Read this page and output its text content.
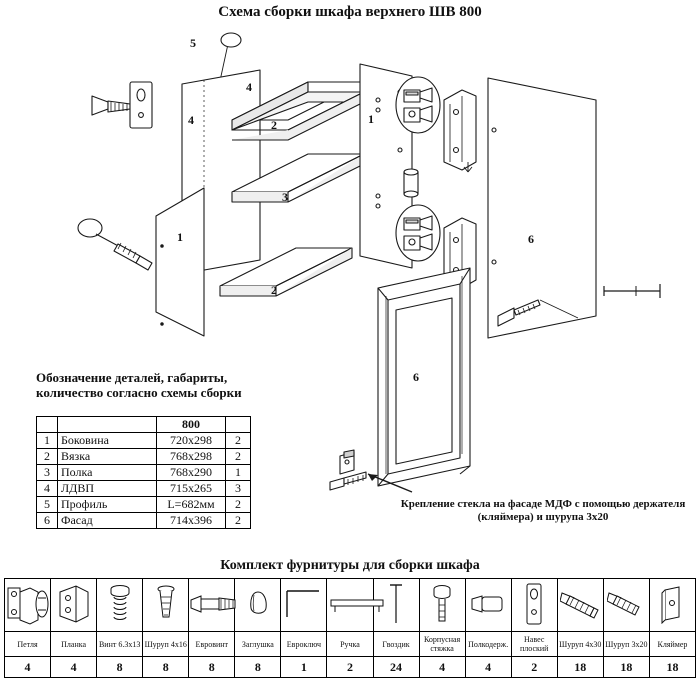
Схема сборки шкафа верхнего ШВ 800
5
4
4	2	1
3
1	6
2
6
Крепление стекла на фасаде МДФ с помощью держателя (кляймера) и шурупа 3х20
Обозначение деталей, габариты,
количество согласно схемы сборки
		800	
1	Боковина	720х298	2
2	Вязка	768х298	2
3	Полка	768х290	1
4	ЛДВП	715х265	3
5	Профиль	L=682мм	2
6	Фасад	714х396	2
Комплект фурнитуры для сборки шкафа

Петля	Планка	Винт 6.3х13	Шуруп 4х16	Евровинт	Заглушка	Евроключ	Ручка	Гвоздик	Корпусная стяжка	Полкодерж.	Навес плоский	Шуруп 4х30	Шуруп 3х20	Кляймер
4	4	8	8	8	8	1	2	24	4	4	2	18	18	18
